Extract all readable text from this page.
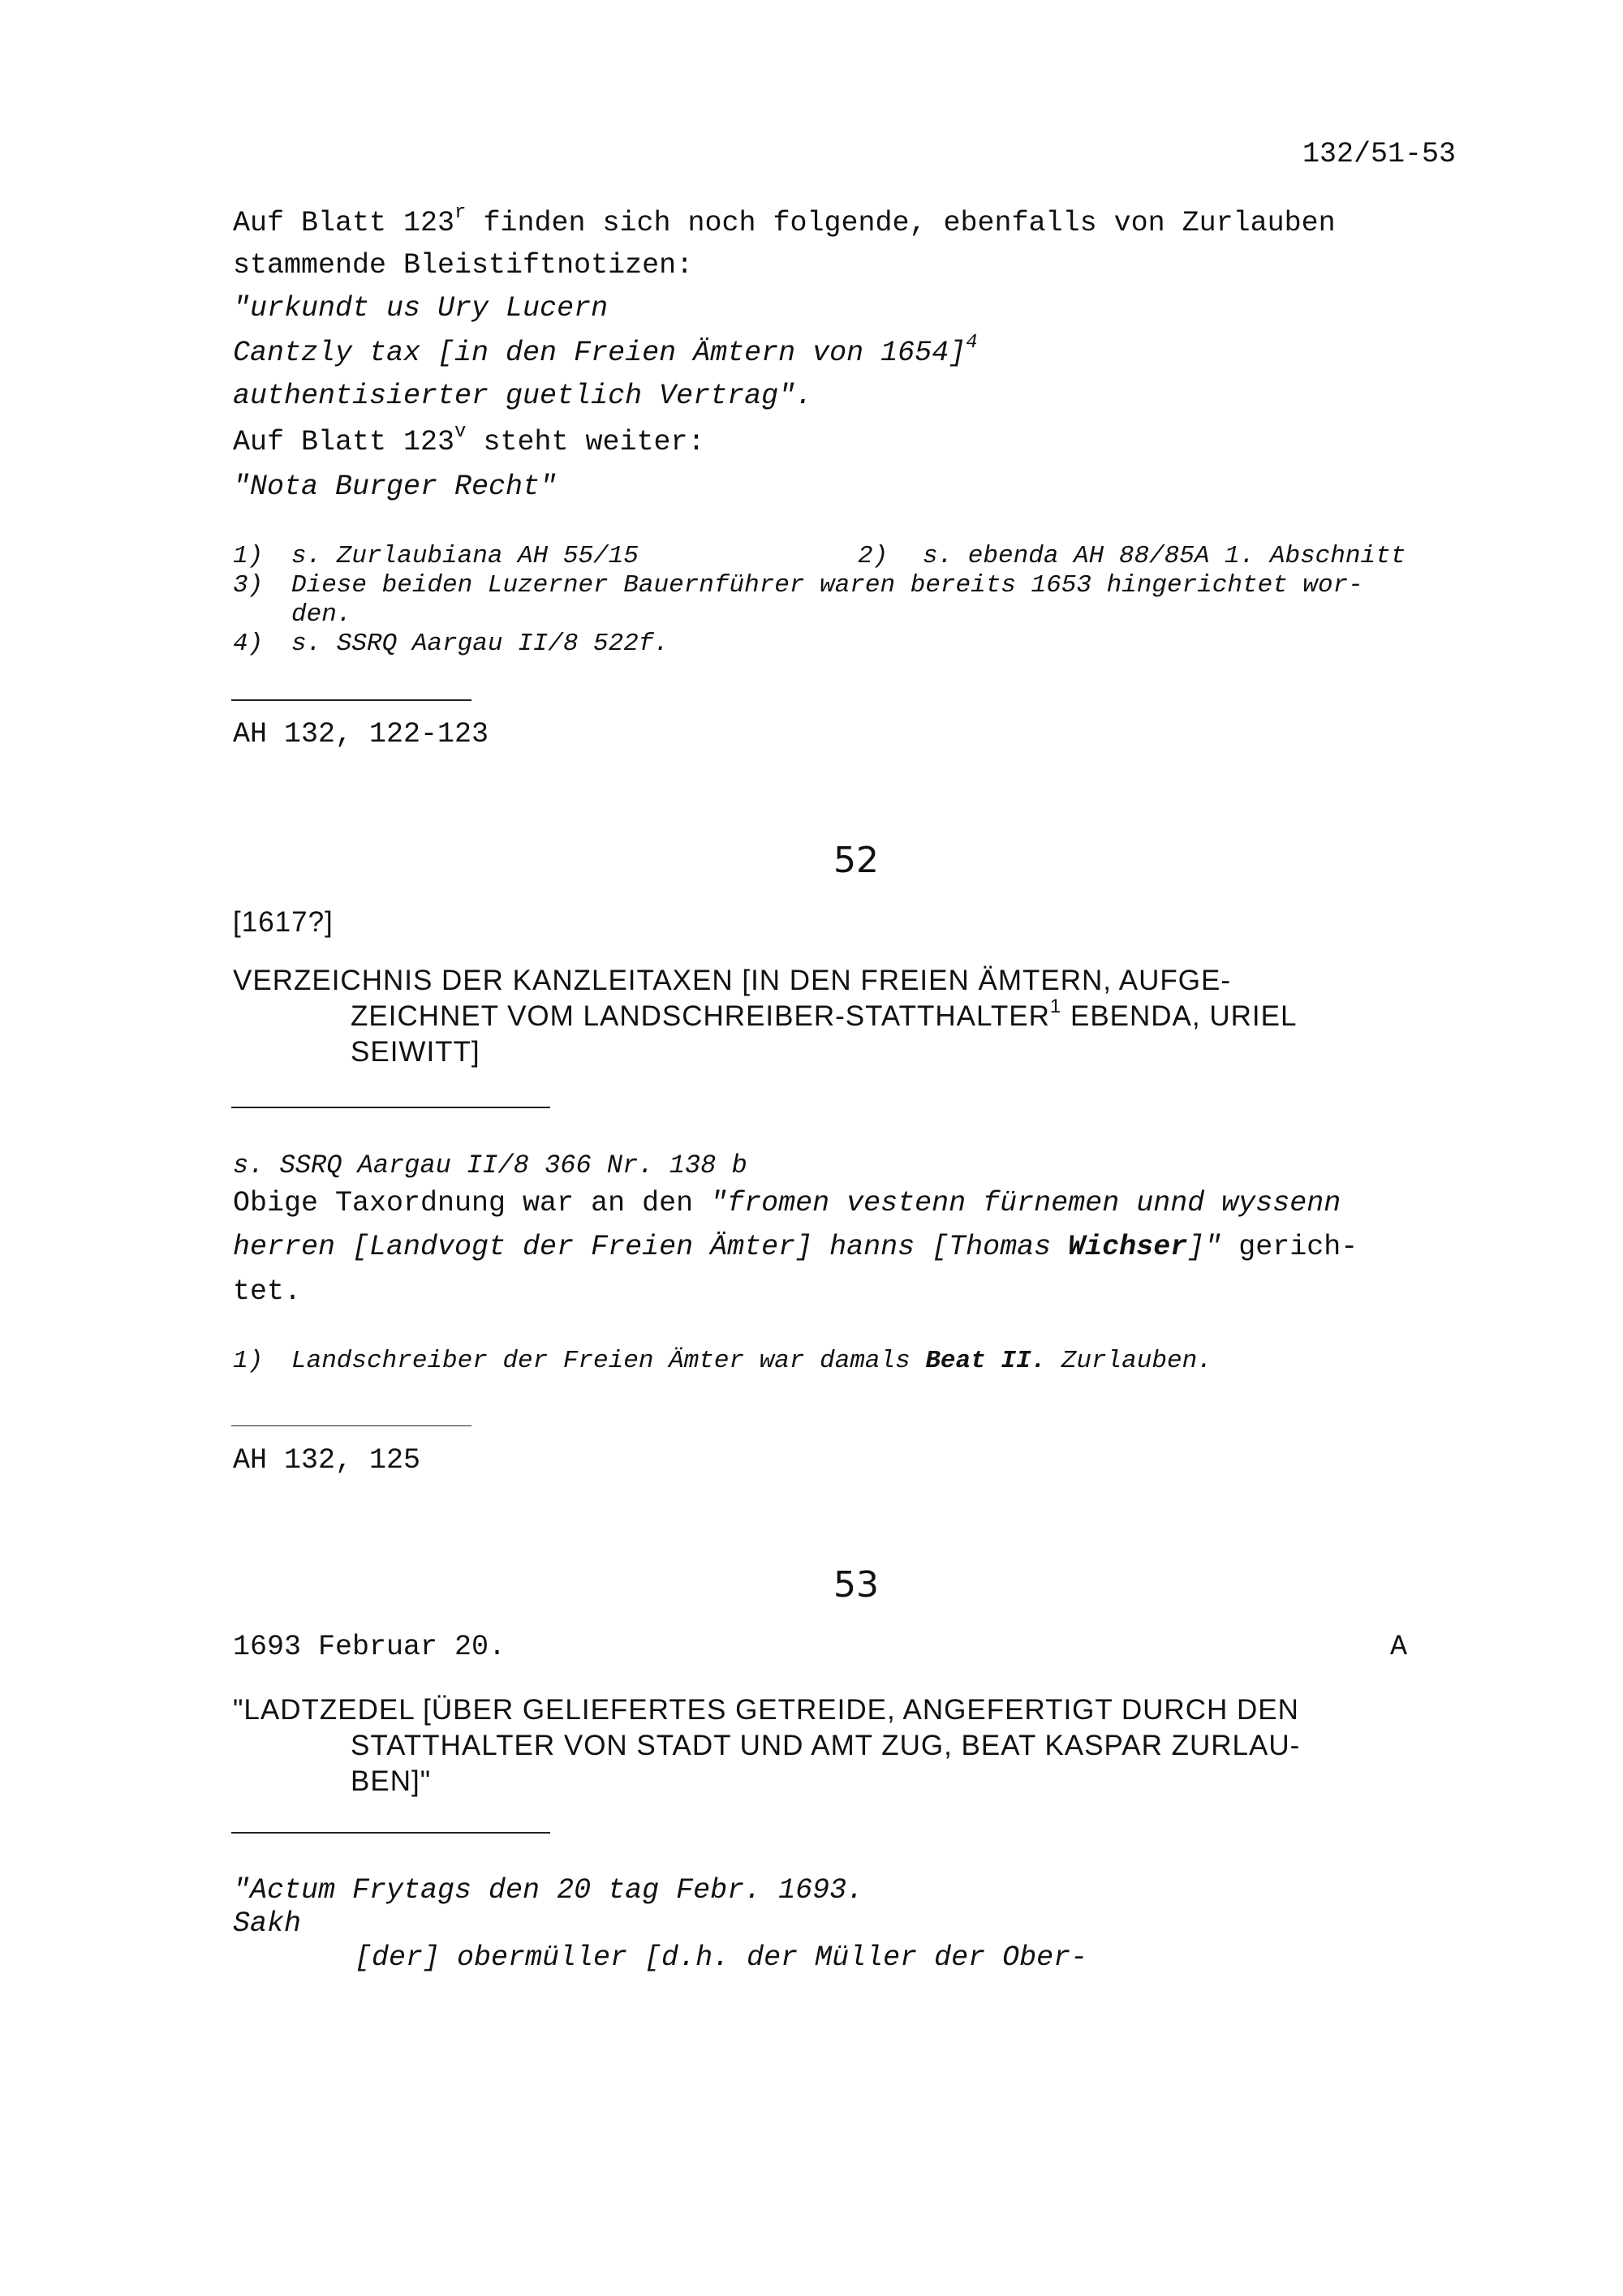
132/51-53
Auf Blatt 123$^r$ finden sich noch folgende, ebenfalls von Zurlauben
stammende Bleistiftnotizen:
"urkundt us Ury Lucern
Cantzly tax [in den Freien Ämtern von 1654]$^4$
authentisierter guetlich Vertrag".
Auf Blatt 123$^v$ steht weiter:
"Nota Burger Recht"
1) s. Zurlaubiana AH 55/15	2) s. ebenda AH 88/85A 1. Abschnitt
3) Diese beiden Luzerner Bauernführer waren bereits 1653 hingerichtet wor-
den.
4) s. SSRQ Aargau II/8 522f.
AH 132, 122-123
52
[1617?]
VERZEICHNIS DER KANZLEITAXEN [IN DEN FREIEN ÄMTERN, AUFGE-
ZEICHNET VOM LANDSCHREIBER-STATTHALTER$^1$ EBENDA, URIEL
SEIWITT]
s. SSRQ Aargau II/8 366 Nr. 138 b
Obige Taxordnung war an den "fromen vestenn fürnemen unnd wyssenn
herren [Landvogt der Freien Ämter] hanns [Thomas Wichser]" gerich-
tet.
1) Landschreiber der Freien Ämter war damals Beat II. Zurlauben.
AH 132, 125
53
1693 Februar 20.	A
"LADTZEDEL [ÜBER GELIEFERTES GETREIDE, ANGEFERTIGT DURCH DEN
STATTHALTER VON STADT UND AMT ZUG, BEAT KASPAR ZURLAU-
BEN]"
"Actum Frytags den 20 tag Febr. 1693.
Sakh
[der] obermüller [d.h. der Müller der Ober-
